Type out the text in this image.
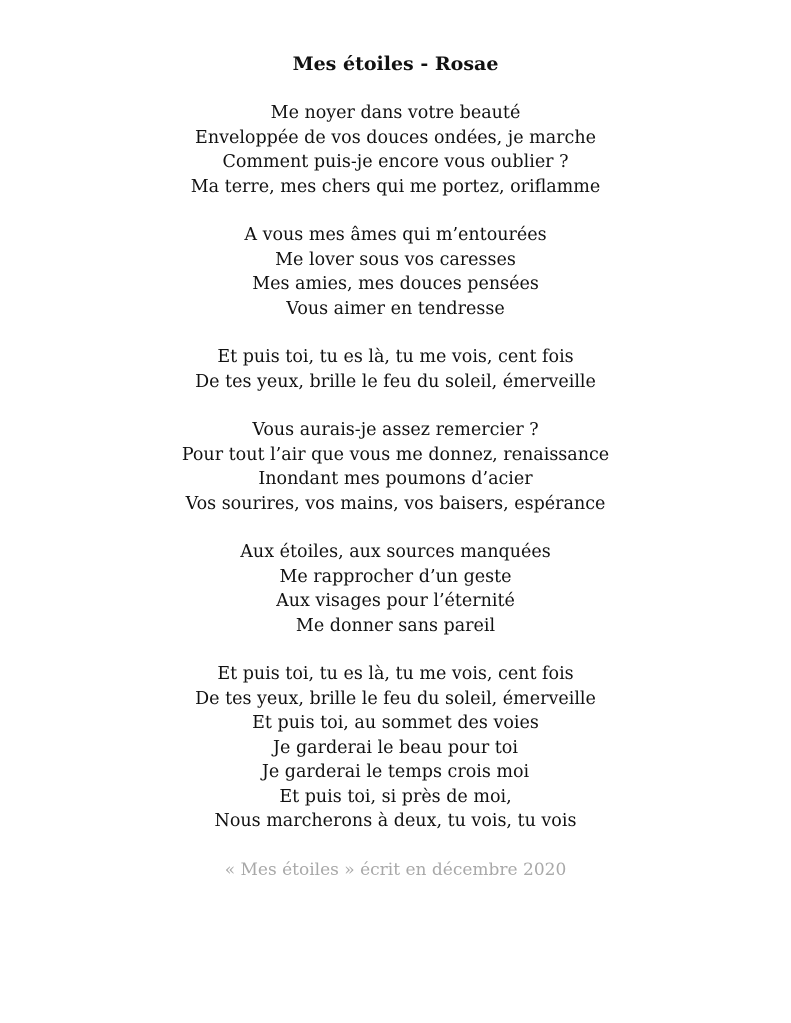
Mes étoiles - Rosae
Me noyer dans votre beauté
Enveloppée de vos douces ondées, je marche
Comment puis-je encore vous oublier ?
Ma terre, mes chers qui me portez, oriflamme
A vous mes âmes qui m’entourées
Me lover sous vos caresses
Mes amies, mes douces pensées
Vous aimer en tendresse
Et puis toi, tu es là, tu me vois, cent fois
De tes yeux, brille le feu du soleil, émerveille
Vous aurais-je assez remercier ?
Pour tout l’air que vous me donnez, renaissance
Inondant mes poumons d’acier
Vos sourires, vos mains, vos baisers, espérance
Aux étoiles, aux sources manquées
Me rapprocher d’un geste
Aux visages pour l’éternité
Me donner sans pareil
Et puis toi, tu es là, tu me vois, cent fois
De tes yeux, brille le feu du soleil, émerveille
Et puis toi, au sommet des voies
Je garderai le beau pour toi
Je garderai le temps crois moi
Et puis toi, si près de moi,
Nous marcherons à deux, tu vois, tu vois
« Mes étoiles » écrit en décembre 2020
